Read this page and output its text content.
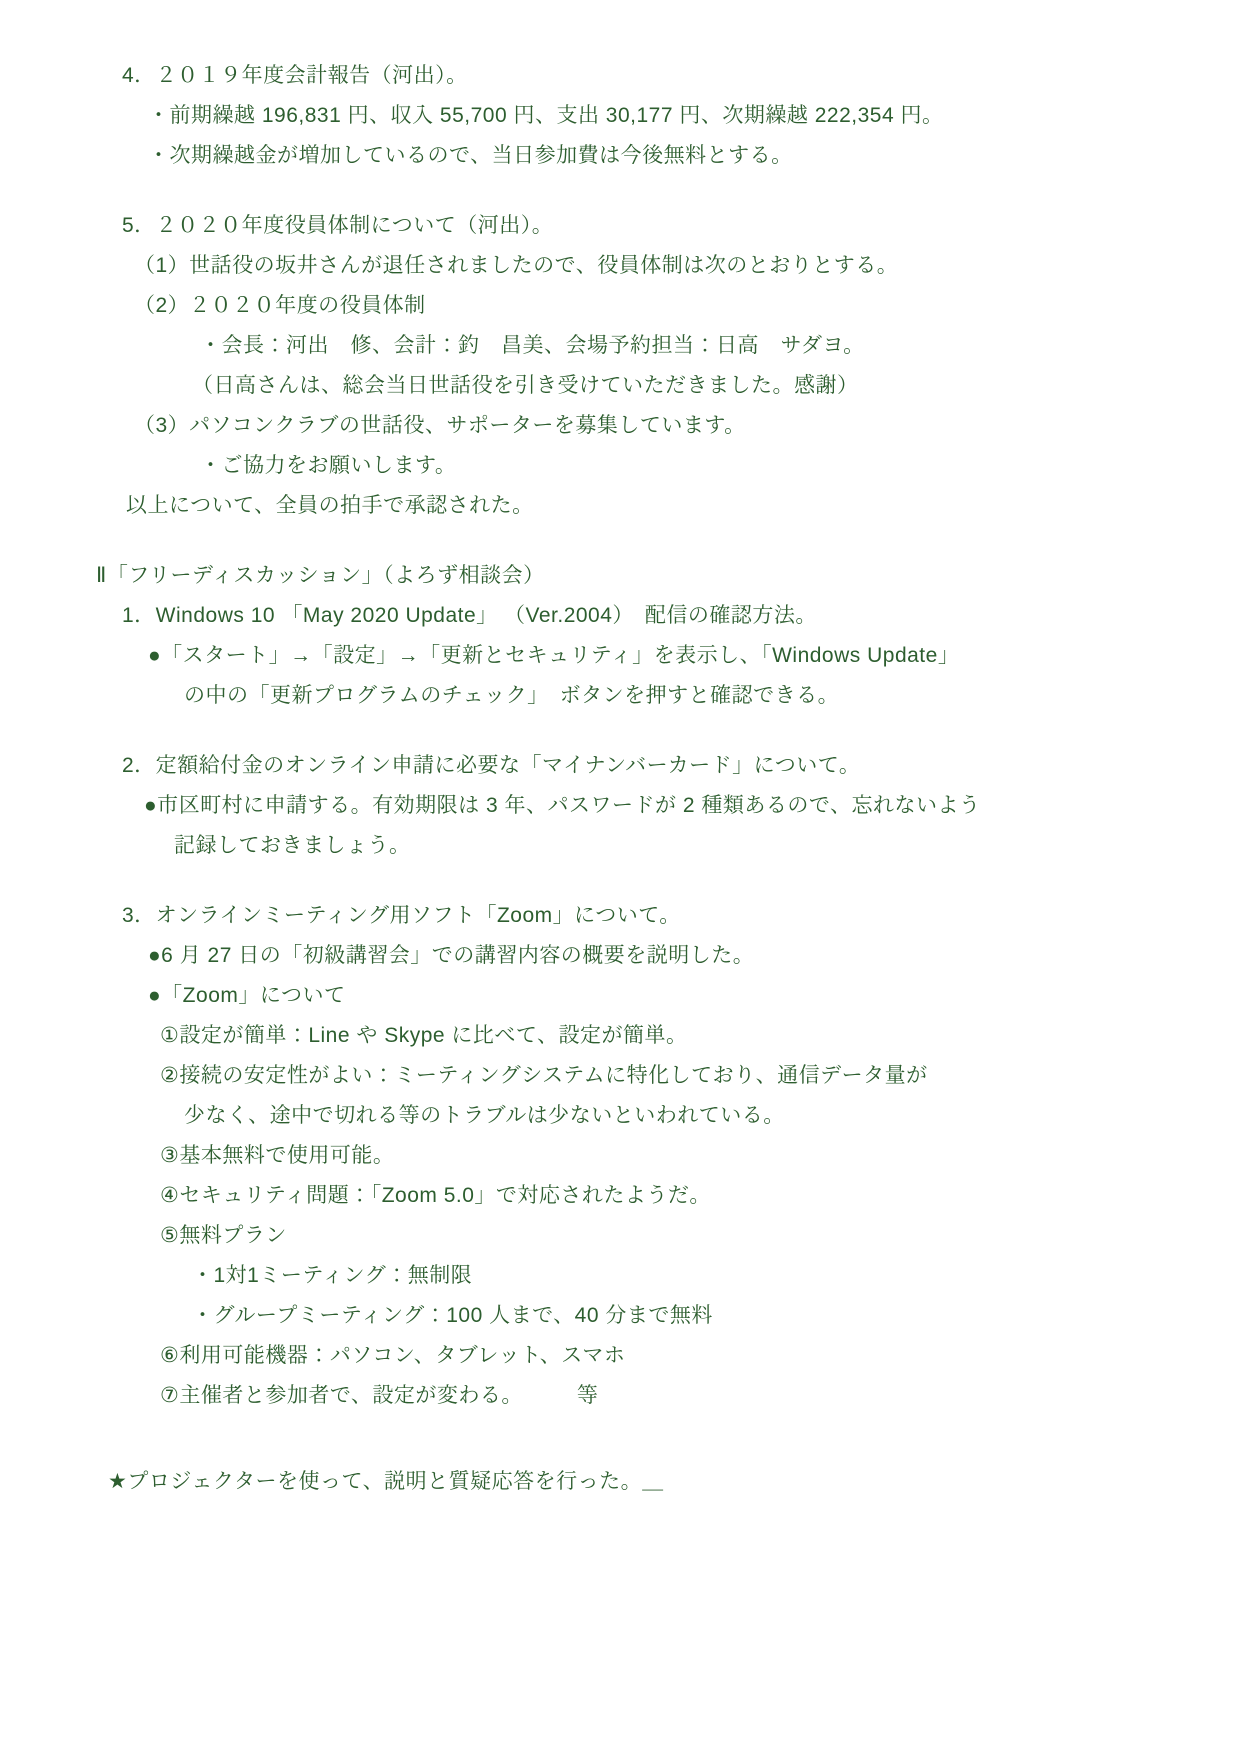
4．２０１９年度会計報告（河出）。
・前期繰越 196,831 円、収入 55,700 円、支出 30,177 円、次期繰越 222,354 円。
・次期繰越金が増加しているので、当日参加費は今後無料とする。
5．２０２０年度役員体制について（河出）。
（1）世話役の坂井さんが退任されましたので、役員体制は次のとおりとする。
（2）２０２０年度の役員体制
・会長：河出　修、会計：釣　昌美、会場予約担当：日高　サダヨ。
（日高さんは、総会当日世話役を引き受けていただきました。感謝）
（3）パソコンクラブの世話役、サポーターを募集しています。
・ご協力をお願いします。
以上について、全員の拍手で承認された。
Ⅱ「フリーディスカッション」（よろず相談会）
1．Windows 10 「May 2020 Update」 （Ver.2004）　配信の確認方法。
●「スタート」→「設定」→「更新とセキュリティ」を表示し、「Windows Update」
の中の「更新プログラムのチェック」　ボタンを押すと確認できる。
2．定額給付金のオンライン申請に必要な「マイナンバーカード」について。
●市区町村に申請する。有効期限は 3 年、パスワードが 2 種類あるので、忘れないよう
記録しておきましょう。
3．オンラインミーティング用ソフト「Zoom」について。
●6 月 27 日の「初級講習会」での講習内容の概要を説明した。
●「Zoom」について
①設定が簡単：Line や Skype に比べて、設定が簡単。
②接続の安定性がよい：ミーティングシステムに特化しており、通信データ量が
少なく、途中で切れる等のトラブルは少ないといわれている。
③基本無料で使用可能。
④セキュリティ問題：「Zoom 5.0」で対応されたようだ。
⑤無料プラン
・1対1ミーティング：無制限
・グループミーティング：100 人まで、40 分まで無料
⑥利用可能機器：パソコン、タブレット、スマホ
⑦主催者と参加者で、設定が変わる。　　　等
★プロジェクターを使って、説明と質疑応答を行った。＿
